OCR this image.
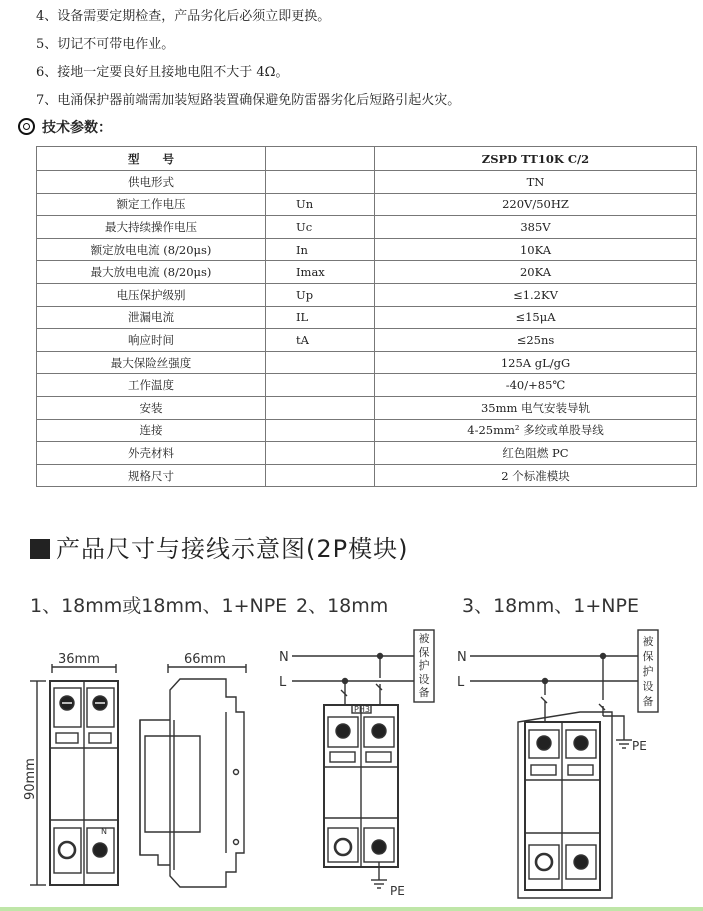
4、设备需要定期检查，产品劣化后必须立即更换。
5、切记不可带电作业。
6、接地一定要良好且接地电阻不大于 4Ω。
7、电涌保护器前端需加装短路装置确保避免防雷器劣化后短路引起火灾。
技术参数：
型　　号		ZSPD TT10K C/2
供电形式		TN
额定工作电压	Un	220V/50HZ
最大持续操作电压	Uc	385V
额定放电电流 (8/20μs)	In	10KA
最大放电电流 (8/20μs)	Imax	20KA
电压保护级别	Up	≤1.2KV
泄漏电流	IL	≤15μA
响应时间	tA	≤25ns
最大保险丝强度		125A gL/gG
工作温度		-40/+85℃
安装		35mm 电气安装导轨
连接		4-25mm² 多绞或单股导线
外壳材料		红色阻燃 PC
规格尺寸		2 个标准模块
产品尺寸与接线示意图(2P模块)
1、18mm或18mm、1+NPE 2、18mm	3、18mm、1+NPE
36mm
90mm
N
66mm	N
L
PH3
PE
N
L
PE
被
保
护
设
备
被
保
护
设
备
